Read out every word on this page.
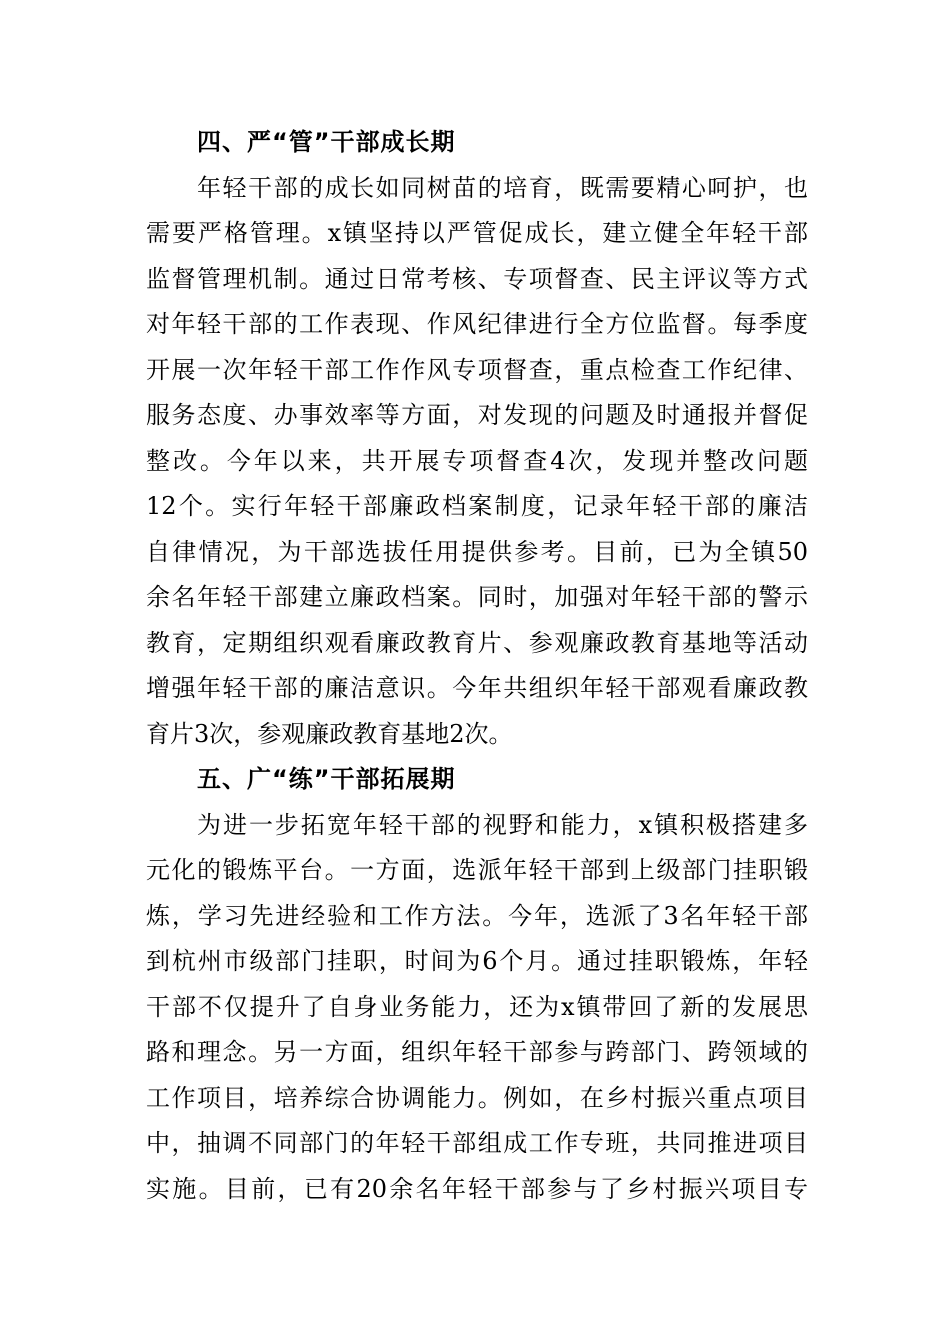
四、严“管”干部成长期
年轻干部的成长如同树苗的培育，既需要精心呵护，也
需要严格管理。x镇坚持以严管促成长，建立健全年轻干部
监督管理机制。通过日常考核、专项督查、民主评议等方式
对年轻干部的工作表现、作风纪律进行全方位监督。每季度
开展一次年轻干部工作作风专项督查，重点检查工作纪律、
服务态度、办事效率等方面，对发现的问题及时通报并督促
整改。今年以来，共开展专项督查4次，发现并整改问题
12个。实行年轻干部廉政档案制度，记录年轻干部的廉洁
自律情况，为干部选拔任用提供参考。目前，已为全镇50
余名年轻干部建立廉政档案。同时，加强对年轻干部的警示
教育，定期组织观看廉政教育片、参观廉政教育基地等活动
增强年轻干部的廉洁意识。今年共组织年轻干部观看廉政教
育片3次，参观廉政教育基地2次。
五、广“练”干部拓展期
为进一步拓宽年轻干部的视野和能力，x镇积极搭建多
元化的锻炼平台。一方面，选派年轻干部到上级部门挂职锻
炼，学习先进经验和工作方法。今年，选派了3名年轻干部
到杭州市级部门挂职，时间为6个月。通过挂职锻炼，年轻
干部不仅提升了自身业务能力，还为x镇带回了新的发展思
路和理念。另一方面，组织年轻干部参与跨部门、跨领域的
工作项目，培养综合协调能力。例如，在乡村振兴重点项目
中，抽调不同部门的年轻干部组成工作专班，共同推进项目
实施。目前，已有20余名年轻干部参与了乡村振兴项目专
